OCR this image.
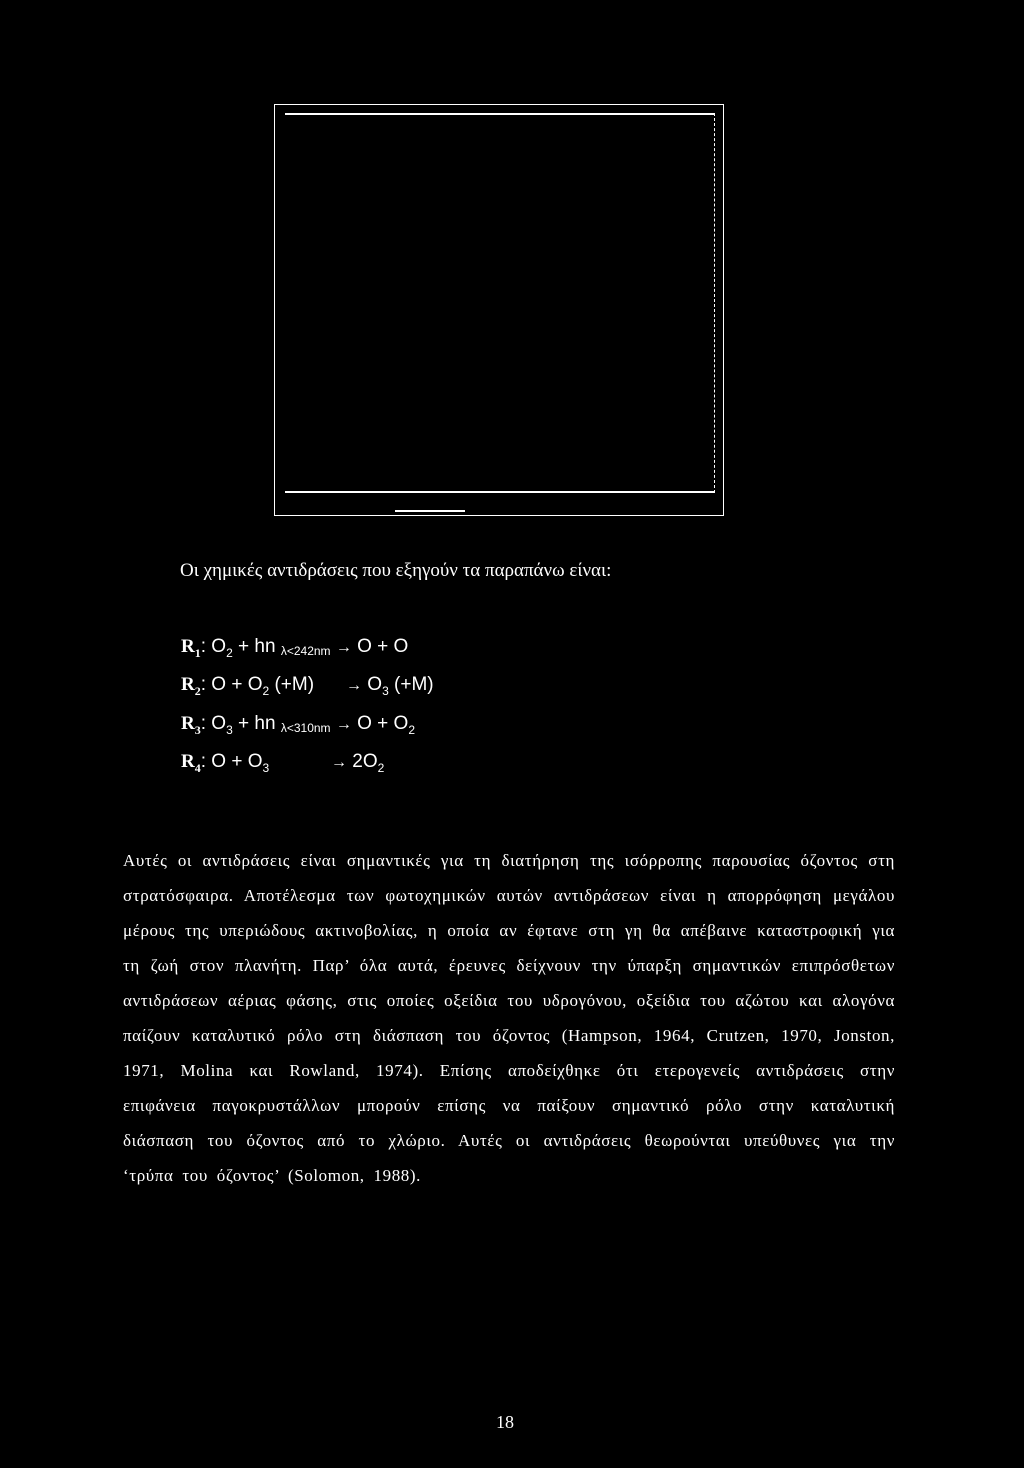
Οι χημικές αντιδράσεις που εξηγούν τα παραπάνω είναι:
$R_1$: $O_2$ + hn λ<242nm → O + O
$R_2$: $O + O_2$ $(+M) \to O_3$ (+M)
$R_3$: $O_3$ + hn $\lambda<310nm \to O + O_2$
$R_4$: $O + O_3$	→ $2O_2$

Αυτές οι αντιδράσεις είναι σημαντικές για τη διατήρηση της ισόρροπης παρουσίας όζοντος στη στρατόσφαιρα. Αποτέλεσμα των φωτοχημικών αυτών αντιδράσεων είναι η απορρόφηση μεγάλου μέρους της υπεριώδους ακτινοβολίας, η οποία αν έφτανε στη γη θα απέβαινε καταστροφική για τη ζωή στον πλανήτη. Παρ’ όλα αυτά, έρευνες δείχνουν την ύπαρξη σημαντικών επιπρόσθετων αντιδράσεων αέριας φάσης, στις οποίες οξείδια του υδρογόνου, οξείδια του αζώτου και αλογόνα παίζουν καταλυτικό ρόλο στη διάσπαση του όζοντος (Hampson, 1964, Crutzen, 1970, Jonston, 1971, Molina και Rowland, 1974). Επίσης αποδείχθηκε ότι ετερογενείς αντιδράσεις στην επιφάνεια παγοκρυστάλλων μπορούν επίσης να παίξουν σημαντικό ρόλο στην καταλυτική διάσπαση του όζοντος από το χλώριο. Αυτές οι αντιδράσεις θεωρούνται υπεύθυνες για την ‘τρύπα του όζοντος’ (Solomon, 1988).

18
